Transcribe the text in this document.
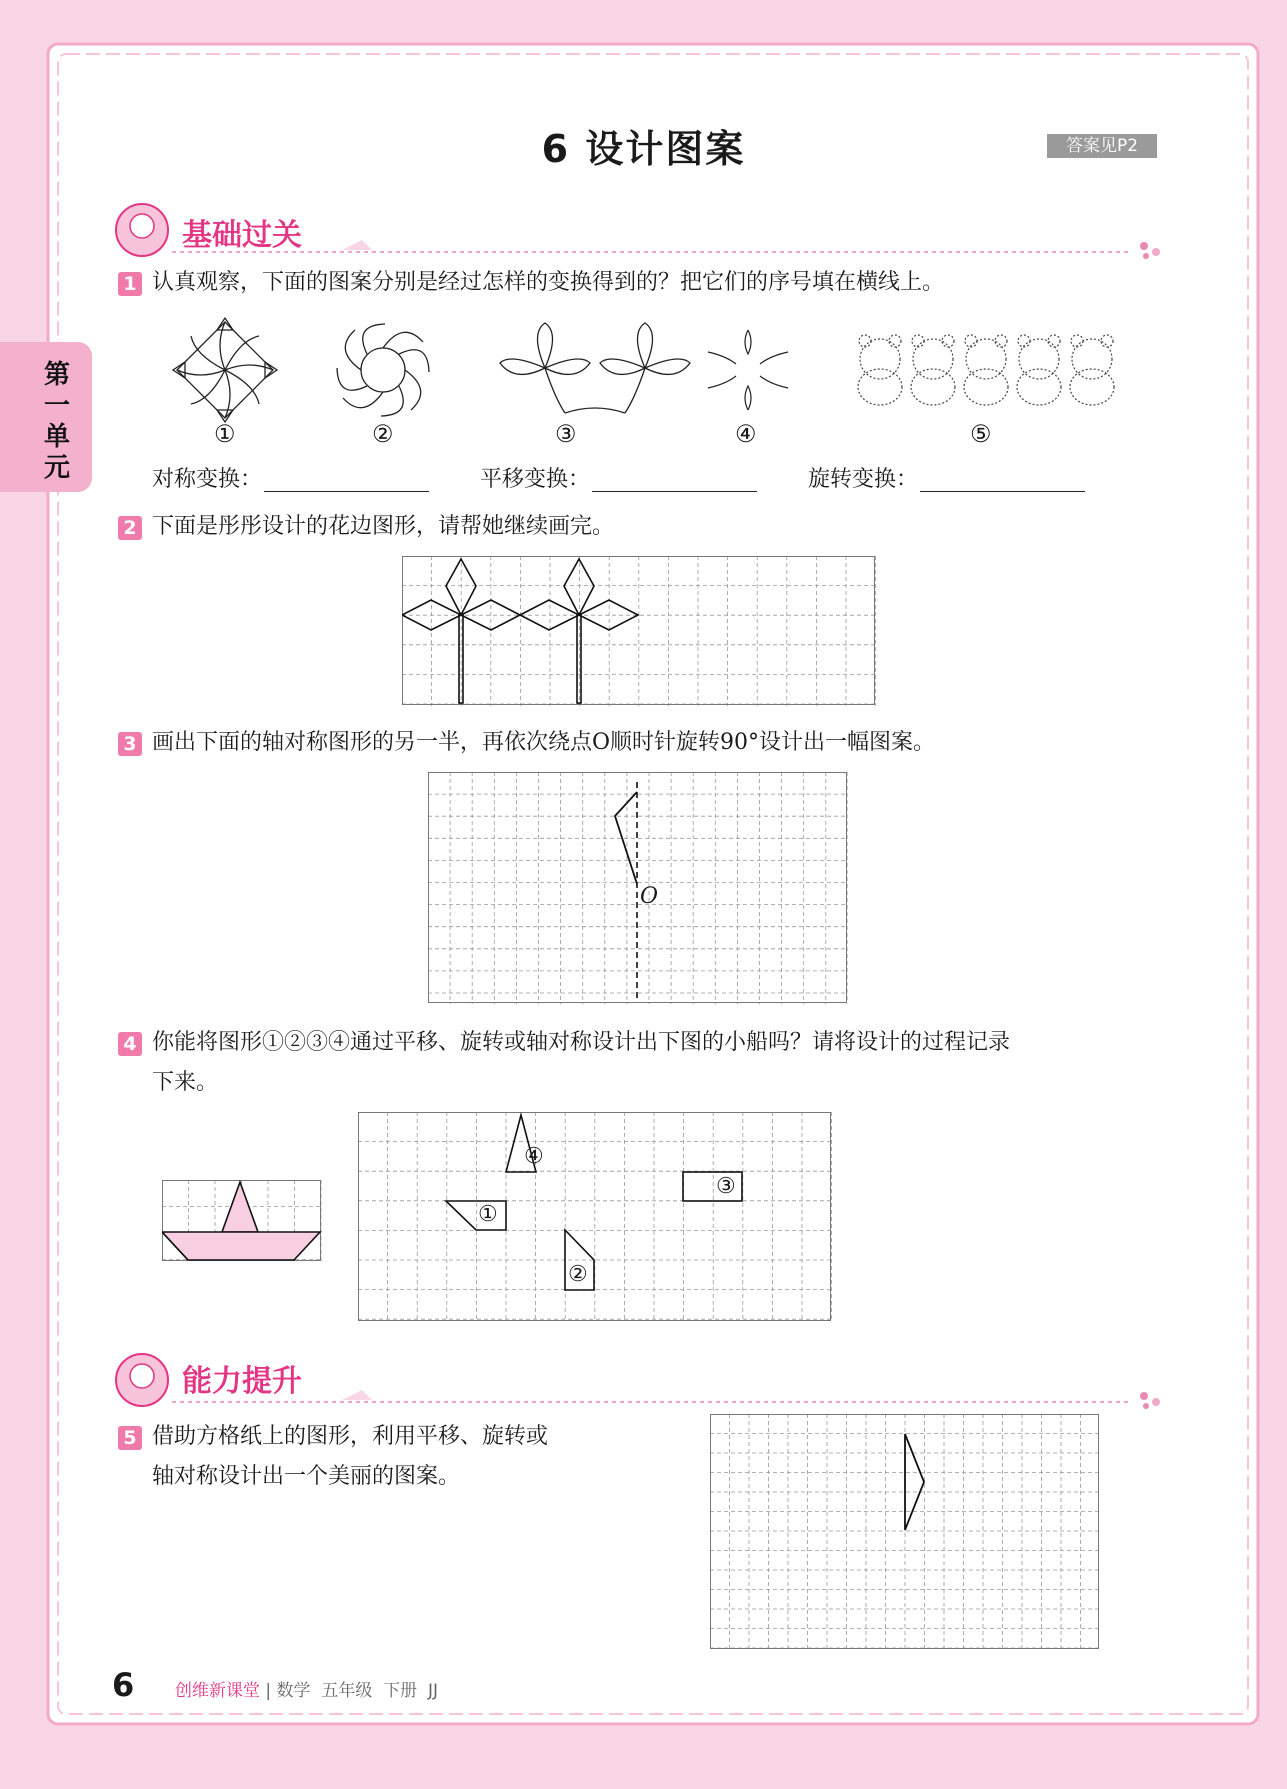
6 设计图案	答案见P2
第一单元
基础过关
1 认真观察，下面的图案分别是经过怎样的变换得到的？把它们的序号填在横线上。
①	②	③	④	⑤
对称变换：	平移变换：	旋转变换：
2 下面是彤彤设计的花边图形，请帮她继续画完。
3 画出下面的轴对称图形的另一半，再依次绕点O顺时针旋转90°设计出一幅图案。
O
4 你能将图形①②③④通过平移、旋转或轴对称设计出下图的小船吗？请将设计的过程记录
下来。
④
①
②
③
能力提升
5 借助方格纸上的图形，利用平移、旋转或
轴对称设计出一个美丽的图案。
6 创维新课堂 | 数学 五年级 下册 JJ
